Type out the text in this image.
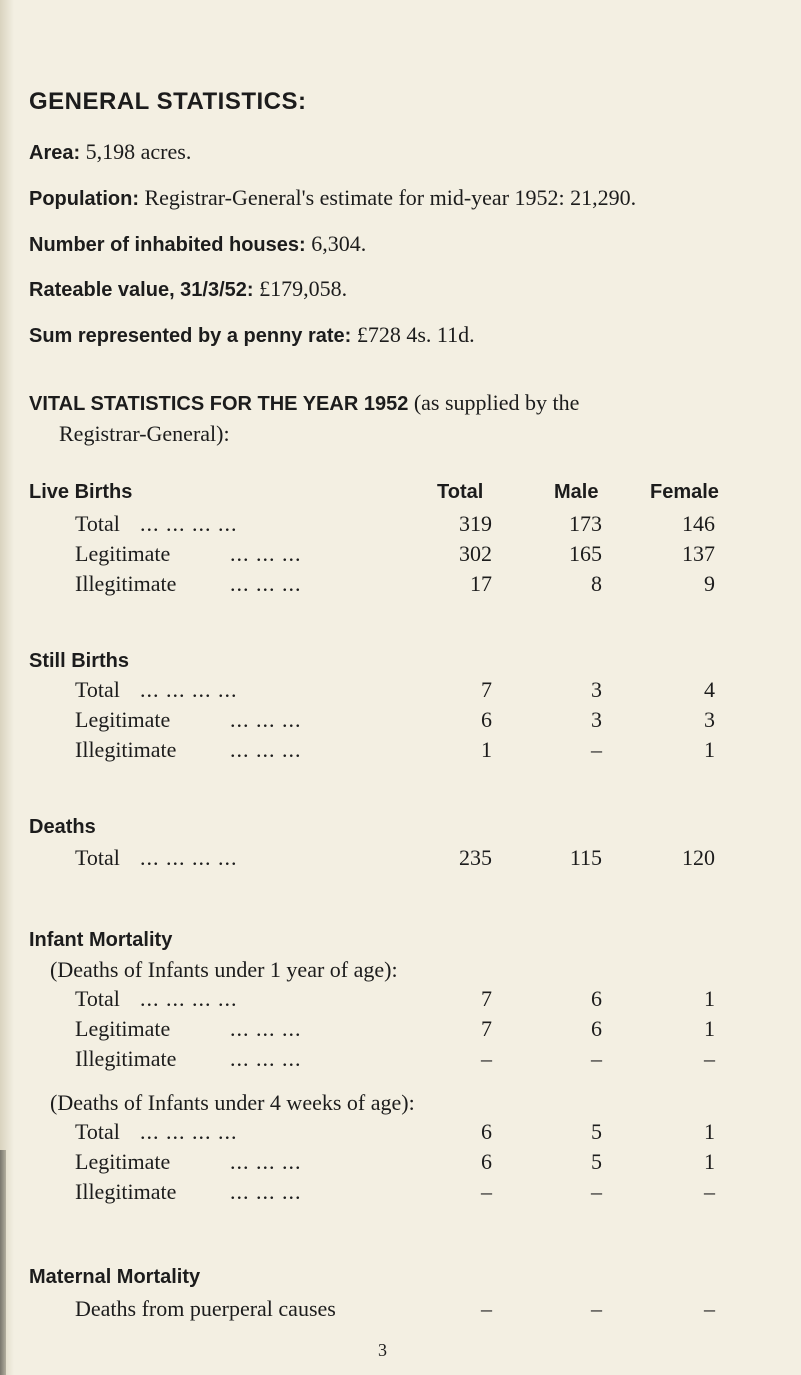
GENERAL STATISTICS:
Area: 5,198 acres.
Population: Registrar-General's estimate for mid-year 1952: 21,290.
Number of inhabited houses: 6,304.
Rateable value, 31/3/52: £179,058.
Sum represented by a penny rate: £728 4s. 11d.
VITAL STATISTICS FOR THE YEAR 1952 (as supplied by the
Registrar-General):
Total	Male	Female
Live Births
Total ... ... ... ...	319	173	146
Legitimate	... ... ...	302	165	137
Illegitimate ... ... ...	17	8	9
Still Births
Total ... ... ... ...	7	3	4
Legitimate	... ... ...	6	3	3
Illegitimate ... ... ...	1	–	1
Deaths
Total ... ... ... ...	235	115	120
Infant Mortality
(Deaths of Infants under 1 year of age):
Total ... ... ... ...	7	6	1
Legitimate	... ... ...	7	6	1
Illegitimate ... ... ...	–	–	–
(Deaths of Infants under 4 weeks of age):
Total ... ... ... ...	6	5	1
Legitimate	... ... ...	6	5	1
Illegitimate ... ... ...	–	–	–
Maternal Mortality
Deaths from puerperal causes	–	–	–
3
